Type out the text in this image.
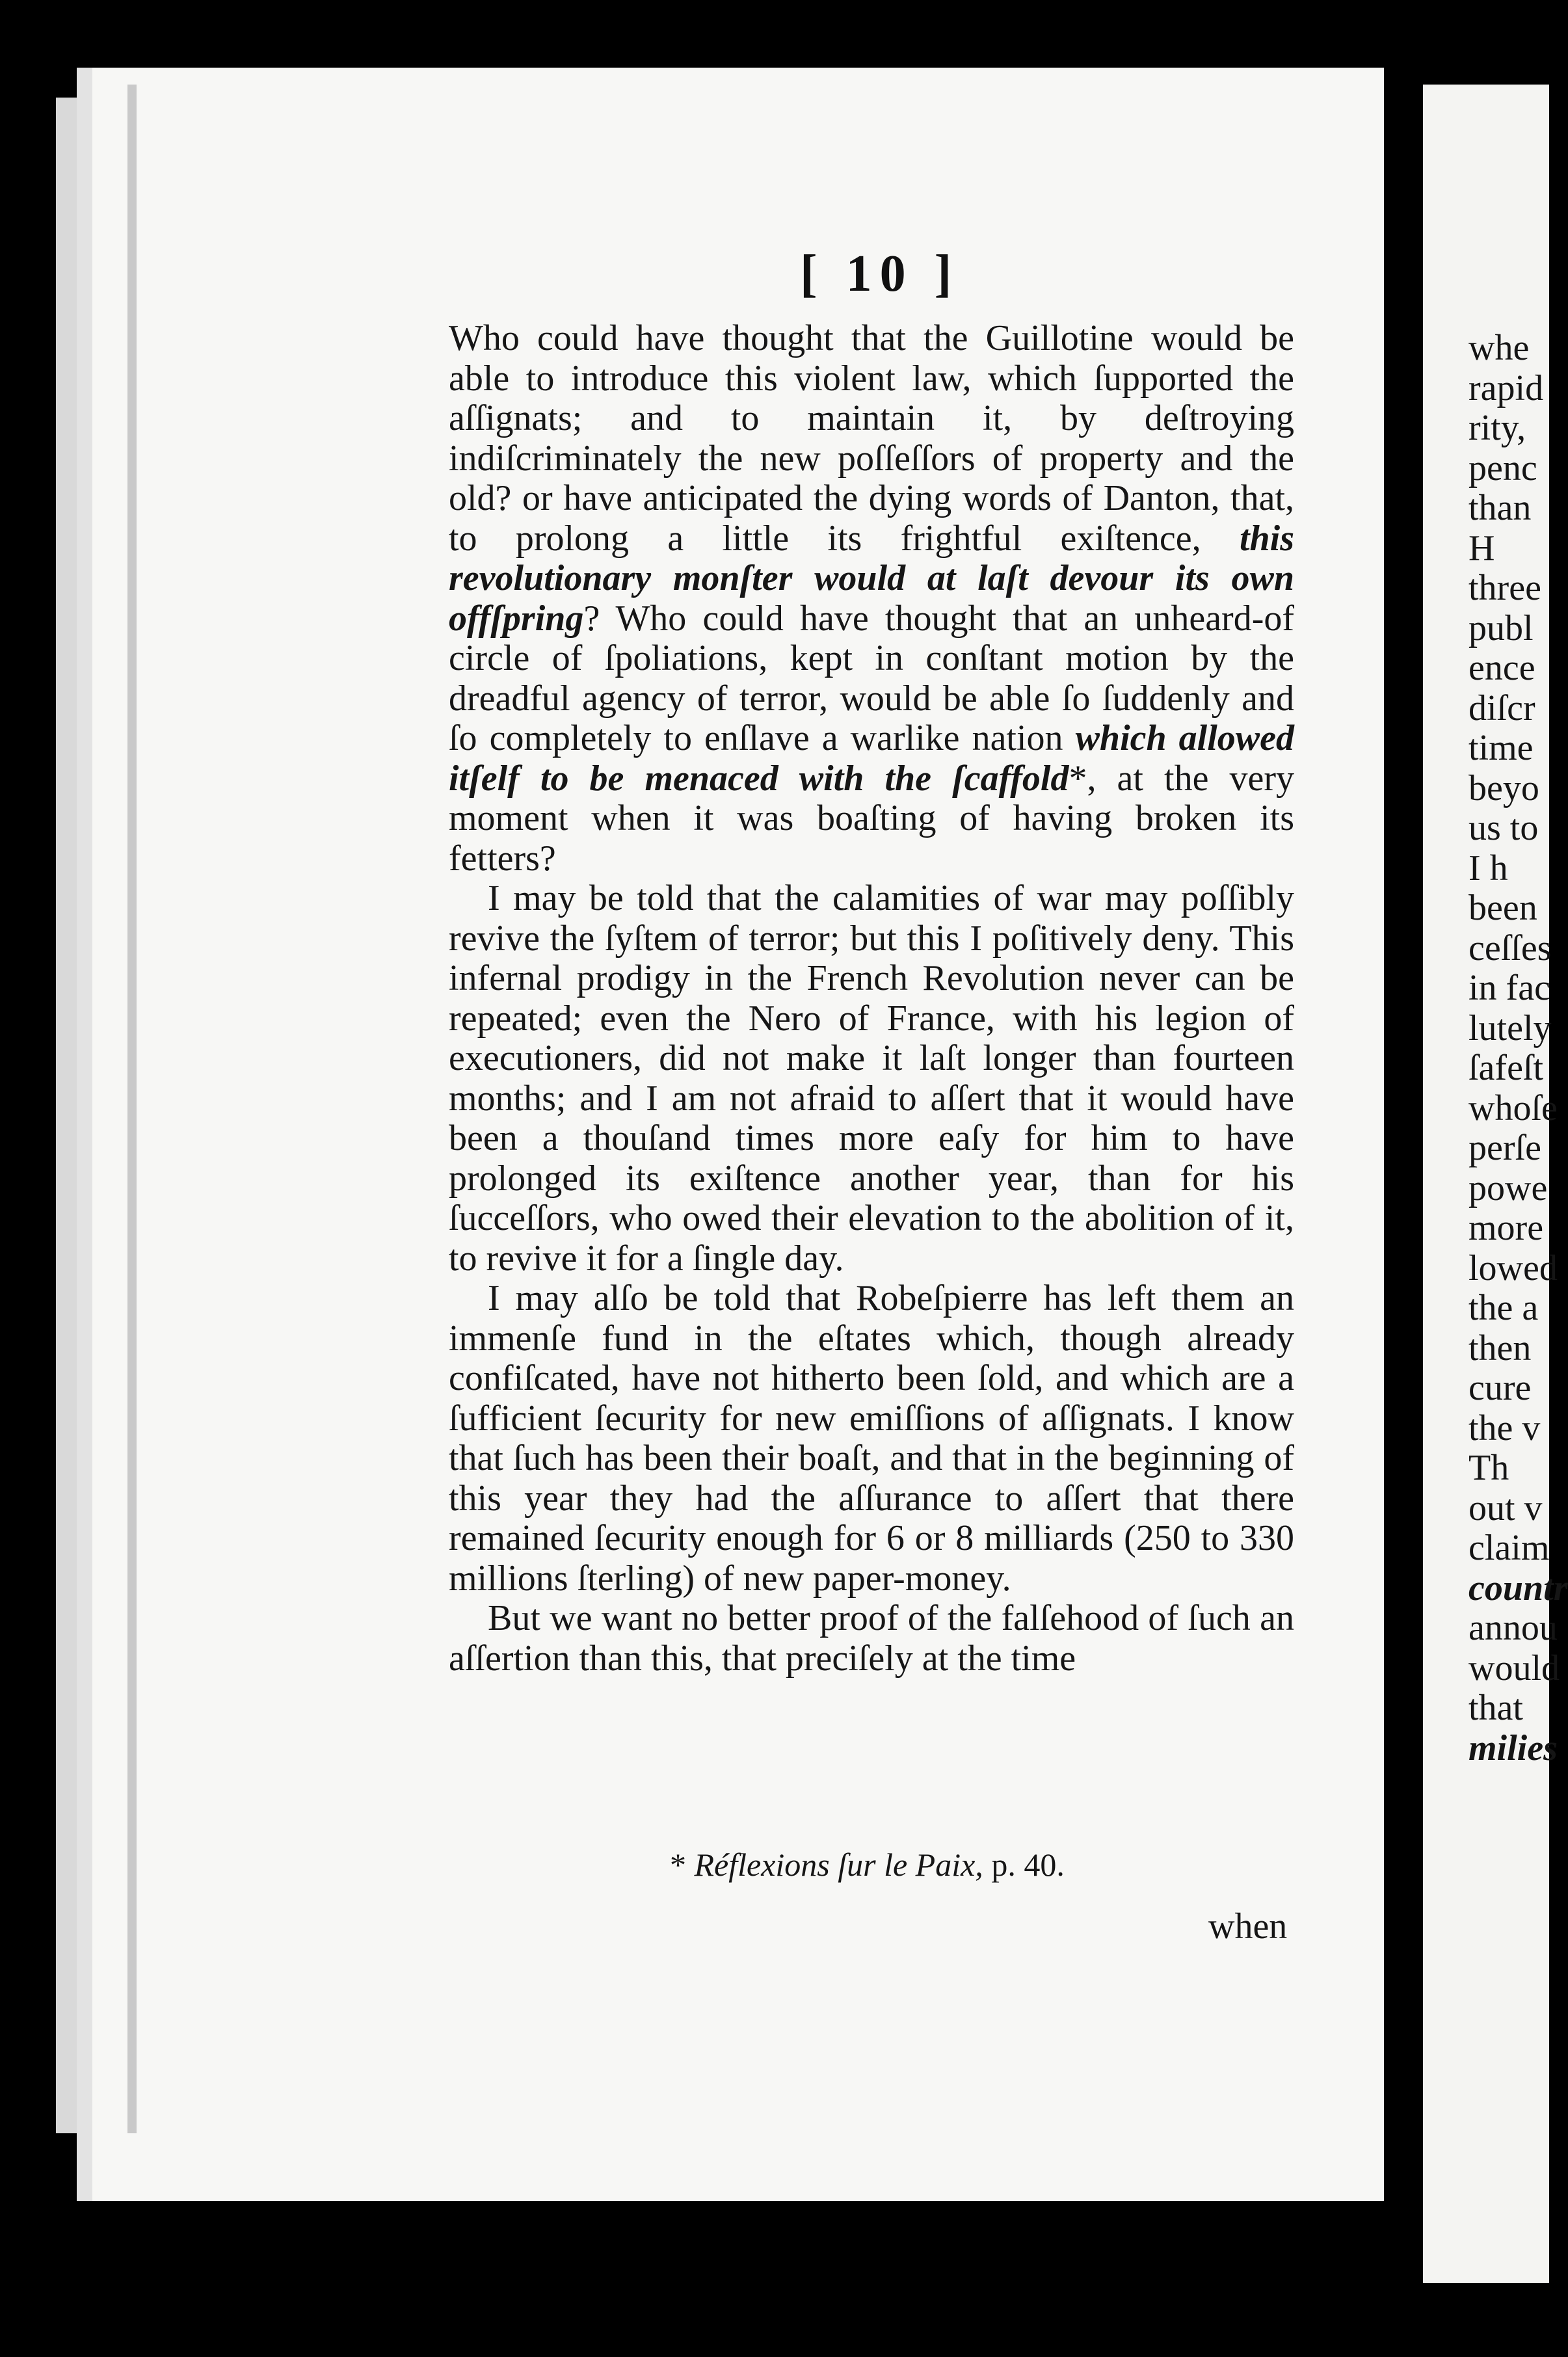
whe
rapid
rity,
penc
than
H
three
publ
ence
diſcr
time
beyo
us to
I h
been
ceſſes
in fac
lutely
ſafeſt
whoſe
perſe
powe
more
lowed
the a
then
cure
the v
Th
out v
claim
countr
annou
would
that
milies
[ 10 ]

Who could have thought that the Guillotine would be able to introduce this violent law, which ſupported the aſſignats; and to maintain it, by deſtroying indiſcriminately the new poſſeſſors of property and the old? or have anticipated the dying words of Danton, that, to prolong a little its frightful exiſtence, this revolutionary monſter would at laſt devour its own offſpring? Who could have thought that an unheard-of circle of ſpoliations, kept in conſtant motion by the dreadful agency of terror, would be able ſo ſuddenly and ſo completely to enſlave a warlike nation which allowed itſelf to be menaced with the ſcaffold*, at the very moment when it was boaſting of having broken its fetters?

I may be told that the calamities of war may poſſibly revive the ſyſtem of terror; but this I poſitively deny. This infernal prodigy in the French Revolution never can be repeated; even the Nero of France, with his legion of executioners, did not make it laſt longer than fourteen months; and I am not afraid to aſſert that it would have been a thouſand times more eaſy for him to have prolonged its exiſtence another year, than for his ſucceſſors, who owed their elevation to the abolition of it, to revive it for a ſingle day.

I may alſo be told that Robeſpierre has left them an immenſe fund in the eſtates which, though already confiſcated, have not hitherto been ſold, and which are a ſufficient ſecurity for new emiſſions of aſſignats. I know that ſuch has been their boaſt, and that in the beginning of this year they had the aſſurance to aſſert that there remained ſecurity enough for 6 or 8 milliards (250 to 330 millions ſterling) of new paper-money.

But we want no better proof of the falſehood of ſuch an aſſertion than this, that preciſely at the time

* Réflexions ſur le Paix, p. 40.
when
